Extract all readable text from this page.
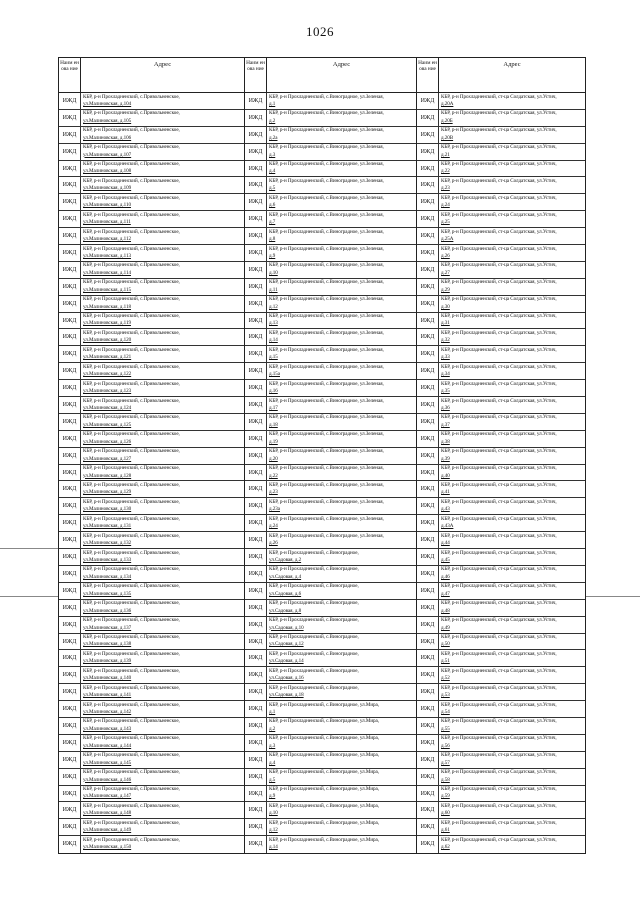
1026
Наим енова ние
Адрес
ИЖД
КБР, р-н Прохладненский, с.Привольненское,
ул.Малиновская, д.104
ИЖД
КБР, р-н Прохладненский, с.Привольненское,
ул.Малиновская, д.105
ИЖД
КБР, р-н Прохладненский, с.Привольненское,
ул.Малиновская, д.106
ИЖД
КБР, р-н Прохладненский, с.Привольненское,
ул.Малиновская, д.107
ИЖД
КБР, р-н Прохладненский, с.Привольненское,
ул.Малиновская, д.108
ИЖД
КБР, р-н Прохладненский, с.Привольненское,
ул.Малиновская, д.109
ИЖД
КБР, р-н Прохладненский, с.Привольненское,
ул.Малиновская, д.110
ИЖД
КБР, р-н Прохладненский, с.Привольненское,
ул.Малиновская, д.111
ИЖД
КБР, р-н Прохладненский, с.Привольненское,
ул.Малиновская, д.112
ИЖД
КБР, р-н Прохладненский, с.Привольненское,
ул.Малиновская, д.113
ИЖД
КБР, р-н Прохладненский, с.Привольненское,
ул.Малиновская, д.114
ИЖД
КБР, р-н Прохладненский, с.Привольненское,
ул.Малиновская, д.115
ИЖД
КБР, р-н Прохладненский, с.Привольненское,
ул.Малиновская, д.118
ИЖД
КБР, р-н Прохладненский, с.Привольненское,
ул.Малиновская, д.119
ИЖД
КБР, р-н Прохладненский, с.Привольненское,
ул.Малиновская, д.120
ИЖД
КБР, р-н Прохладненский, с.Привольненское,
ул.Малиновская, д.121
ИЖД
КБР, р-н Прохладненский, с.Привольненское,
ул.Малиновская, д.122
ИЖД
КБР, р-н Прохладненский, с.Привольненское,
ул.Малиновская, д.123
ИЖД
КБР, р-н Прохладненский, с.Привольненское,
ул.Малиновская, д.124
ИЖД
КБР, р-н Прохладненский, с.Привольненское,
ул.Малиновская, д.125
ИЖД
КБР, р-н Прохладненский, с.Привольненское,
ул.Малиновская, д.126
ИЖД
КБР, р-н Прохладненский, с.Привольненское,
ул.Малиновская, д.127
ИЖД
КБР, р-н Прохладненский, с.Привольненское,
ул.Малиновская, д.128
ИЖД
КБР, р-н Прохладненский, с.Привольненское,
ул.Малиновская, д.129
ИЖД
КБР, р-н Прохладненский, с.Привольненское,
ул.Малиновская, д.130
ИЖД
КБР, р-н Прохладненский, с.Привольненское,
ул.Малиновская, д.131
ИЖД
КБР, р-н Прохладненский, с.Привольненское,
ул.Малиновская, д.132
ИЖД
КБР, р-н Прохладненский, с.Привольненское,
ул.Малиновская, д.133
ИЖД
КБР, р-н Прохладненский, с.Привольненское,
ул.Малиновская, д.134
ИЖД
КБР, р-н Прохладненский, с.Привольненское,
ул.Малиновская, д.135
ИЖД
КБР, р-н Прохладненский, с.Привольненское,
ул.Малиновская, д.136
ИЖД
КБР, р-н Прохладненский, с.Привольненское,
ул.Малиновская, д.137
ИЖД
КБР, р-н Прохладненский, с.Привольненское,
ул.Малиновская, д.138
ИЖД
КБР, р-н Прохладненский, с.Привольненское,
ул.Малиновская, д.139
ИЖД
КБР, р-н Прохладненский, с.Привольненское,
ул.Малиновская, д.140
ИЖД
КБР, р-н Прохладненский, с.Привольненское,
ул.Малиновская, д.141
ИЖД
КБР, р-н Прохладненский, с.Привольненское,
ул.Малиновская, д.142
ИЖД
КБР, р-н Прохладненский, с.Привольненское,
ул.Малиновская, д.143
ИЖД
КБР, р-н Прохладненский, с.Привольненское,
ул.Малиновская, д.144
ИЖД
КБР, р-н Прохладненский, с.Привольненское,
ул.Малиновская, д.145
ИЖД
КБР, р-н Прохладненский, с.Привольненское,
ул.Малиновская, д.146
ИЖД
КБР, р-н Прохладненский, с.Привольненское,
ул.Малиновская, д.147
ИЖД
КБР, р-н Прохладненский, с.Привольненское,
ул.Малиновская, д.148
ИЖД
КБР, р-н Прохладненский, с.Привольненское,
ул.Малиновская, д.149
ИЖД
КБР, р-н Прохладненский, с.Привольненское,
ул.Малиновская, д.150
Наим енова ние
Адрес
ИЖД
КБР, р-н Прохладненский, с.Виноградное, ул.Зеленая,
д.1
ИЖД
КБР, р-н Прохладненский, с.Виноградное, ул.Зеленая,
д.2
ИЖД
КБР, р-н Прохладненский, с.Виноградное, ул.Зеленая,
д.2а
ИЖД
КБР, р-н Прохладненский, с.Виноградное, ул.Зеленая,
д.3
ИЖД
КБР, р-н Прохладненский, с.Виноградное, ул.Зеленая,
д.4
ИЖД
КБР, р-н Прохладненский, с.Виноградное, ул.Зеленая,
д.5
ИЖД
КБР, р-н Прохладненский, с.Виноградное, ул.Зеленая,
д.6
ИЖД
КБР, р-н Прохладненский, с.Виноградное, ул.Зеленая,
д.7
ИЖД
КБР, р-н Прохладненский, с.Виноградное, ул.Зеленая,
д.8
ИЖД
КБР, р-н Прохладненский, с.Виноградное, ул.Зеленая,
д.9
ИЖД
КБР, р-н Прохладненский, с.Виноградное, ул.Зеленая,
д.10
ИЖД
КБР, р-н Прохладненский, с.Виноградное, ул.Зеленая,
д.11
ИЖД
КБР, р-н Прохладненский, с.Виноградное, ул.Зеленая,
д.12
ИЖД
КБР, р-н Прохладненский, с.Виноградное, ул.Зеленая,
д.13
ИЖД
КБР, р-н Прохладненский, с.Виноградное, ул.Зеленая,
д.14
ИЖД
КБР, р-н Прохладненский, с.Виноградное, ул.Зеленая,
д.15
ИЖД
КБР, р-н Прохладненский, с.Виноградное, ул.Зеленая,
д.15а
ИЖД
КБР, р-н Прохладненский, с.Виноградное, ул.Зеленая,
д.16
ИЖД
КБР, р-н Прохладненский, с.Виноградное, ул.Зеленая,
д.17
ИЖД
КБР, р-н Прохладненский, с.Виноградное, ул.Зеленая,
д.18
ИЖД
КБР, р-н Прохладненский, с.Виноградное, ул.Зеленая,
д.19
ИЖД
КБР, р-н Прохладненский, с.Виноградное, ул.Зеленая,
д.20
ИЖД
КБР, р-н Прохладненский, с.Виноградное, ул.Зеленая,
д.22
ИЖД
КБР, р-н Прохладненский, с.Виноградное, ул.Зеленая,
д.23
ИЖД
КБР, р-н Прохладненский, с.Виноградное, ул.Зеленая,
д.23а
ИЖД
КБР, р-н Прохладненский, с.Виноградное, ул.Зеленая,
д.24
ИЖД
КБР, р-н Прохладненский, с.Виноградное, ул.Зеленая,
д.26
ИЖД
КБР, р-н Прохладненский, с.Виноградное,
ул.Садовая, д.2
ИЖД
КБР, р-н Прохладненский, с.Виноградное,
ул.Садовая, д.4
ИЖД
КБР, р-н Прохладненский, с.Виноградное,
ул.Садовая, д.6
ИЖД
КБР, р-н Прохладненский, с.Виноградное,
ул.Садовая, д.8
ИЖД
КБР, р-н Прохладненский, с.Виноградное,
ул.Садовая, д.10
ИЖД
КБР, р-н Прохладненский, с.Виноградное,
ул.Садовая, д.12
ИЖД
КБР, р-н Прохладненский, с.Виноградное,
ул.Садовая, д.14
ИЖД
КБР, р-н Прохладненский, с.Виноградное,
ул.Садовая, д.16
ИЖД
КБР, р-н Прохладненский, с.Виноградное,
ул.Садовая, д.18
ИЖД
КБР, р-н Прохладненский, с.Виноградное, ул.Мира,
д.1
ИЖД
КБР, р-н Прохладненский, с.Виноградное, ул.Мира,
д.2
ИЖД
КБР, р-н Прохладненский, с.Виноградное, ул.Мира,
д.3
ИЖД
КБР, р-н Прохладненский, с.Виноградное, ул.Мира,
д.4
ИЖД
КБР, р-н Прохладненский, с.Виноградное, ул.Мира,
д.5
ИЖД
КБР, р-н Прохладненский, с.Виноградное, ул.Мира,
д.9
ИЖД
КБР, р-н Прохладненский, с.Виноградное, ул.Мира,
д.10
ИЖД
КБР, р-н Прохладненский, с.Виноградное, ул.Мира,
д.12
ИЖД
КБР, р-н Прохладненский, с.Виноградное, ул.Мира,
д.14
Наим енова ние
Адрес
ИЖД
КБР, р-н Прохладненский, ст-ца Солдатская, ул.Устич,
д.20А
ИЖД
КБР, р-н Прохладненский, ст-ца Солдатская, ул.Устич,
д.20Б
ИЖД
КБР, р-н Прохладненский, ст-ца Солдатская, ул.Устич,
д.20В
ИЖД
КБР, р-н Прохладненский, ст-ца Солдатская, ул.Устич,
д.21
ИЖД
КБР, р-н Прохладненский, ст-ца Солдатская, ул.Устич,
д.22
ИЖД
КБР, р-н Прохладненский, ст-ца Солдатская, ул.Устич,
д.23
ИЖД
КБР, р-н Прохладненский, ст-ца Солдатская, ул.Устич,
д.24
ИЖД
КБР, р-н Прохладненский, ст-ца Солдатская, ул.Устич,
д.25
ИЖД
КБР, р-н Прохладненский, ст-ца Солдатская, ул.Устич,
д.25А
ИЖД
КБР, р-н Прохладненский, ст-ца Солдатская, ул.Устич,
д.26
ИЖД
КБР, р-н Прохладненский, ст-ца Солдатская, ул.Устич,
д.27
ИЖД
КБР, р-н Прохладненский, ст-ца Солдатская, ул.Устич,
д.29
ИЖД
КБР, р-н Прохладненский, ст-ца Солдатская, ул.Устич,
д.30
ИЖД
КБР, р-н Прохладненский, ст-ца Солдатская, ул.Устич,
д.31
ИЖД
КБР, р-н Прохладненский, ст-ца Солдатская, ул.Устич,
д.32
ИЖД
КБР, р-н Прохладненский, ст-ца Солдатская, ул.Устич,
д.33
ИЖД
КБР, р-н Прохладненский, ст-ца Солдатская, ул.Устич,
д.34
ИЖД
КБР, р-н Прохладненский, ст-ца Солдатская, ул.Устич,
д.35
ИЖД
КБР, р-н Прохладненский, ст-ца Солдатская, ул.Устич,
д.36
ИЖД
КБР, р-н Прохладненский, ст-ца Солдатская, ул.Устич,
д.37
ИЖД
КБР, р-н Прохладненский, ст-ца Солдатская, ул.Устич,
д.38
ИЖД
КБР, р-н Прохладненский, ст-ца Солдатская, ул.Устич,
д.39
ИЖД
КБР, р-н Прохладненский, ст-ца Солдатская, ул.Устич,
д.40
ИЖД
КБР, р-н Прохладненский, ст-ца Солдатская, ул.Устич,
д.41
ИЖД
КБР, р-н Прохладненский, ст-ца Солдатская, ул.Устич,
д.43
ИЖД
КБР, р-н Прохладненский, ст-ца Солдатская, ул.Устич,
д.43А
ИЖД
КБР, р-н Прохладненский, ст-ца Солдатская, ул.Устич,
д.44
ИЖД
КБР, р-н Прохладненский, ст-ца Солдатская, ул.Устич,
д.45
ИЖД
КБР, р-н Прохладненский, ст-ца Солдатская, ул.Устич,
д.46
ИЖД
КБР, р-н Прохладненский, ст-ца Солдатская, ул.Устич,
д.47
ИЖД
КБР, р-н Прохладненский, ст-ца Солдатская, ул.Устич,
д.48
ИЖД
КБР, р-н Прохладненский, ст-ца Солдатская, ул.Устич,
д.49
ИЖД
КБР, р-н Прохладненский, ст-ца Солдатская, ул.Устич,
д.50
ИЖД
КБР, р-н Прохладненский, ст-ца Солдатская, ул.Устич,
д.51
ИЖД
КБР, р-н Прохладненский, ст-ца Солдатская, ул.Устич,
д.52
ИЖД
КБР, р-н Прохладненский, ст-ца Солдатская, ул.Устич,
д.53
ИЖД
КБР, р-н Прохладненский, ст-ца Солдатская, ул.Устич,
д.54
ИЖД
КБР, р-н Прохладненский, ст-ца Солдатская, ул.Устич,
д.55
ИЖД
КБР, р-н Прохладненский, ст-ца Солдатская, ул.Устич,
д.56
ИЖД
КБР, р-н Прохладненский, ст-ца Солдатская, ул.Устич,
д.57
ИЖД
КБР, р-н Прохладненский, ст-ца Солдатская, ул.Устич,
д.58
ИЖД
КБР, р-н Прохладненский, ст-ца Солдатская, ул.Устич,
д.59
ИЖД
КБР, р-н Прохладненский, ст-ца Солдатская, ул.Устич,
д.60
ИЖД
КБР, р-н Прохладненский, ст-ца Солдатская, ул.Устич,
д.61
ИЖД
КБР, р-н Прохладненский, ст-ца Солдатская, ул.Устич,
д.62
